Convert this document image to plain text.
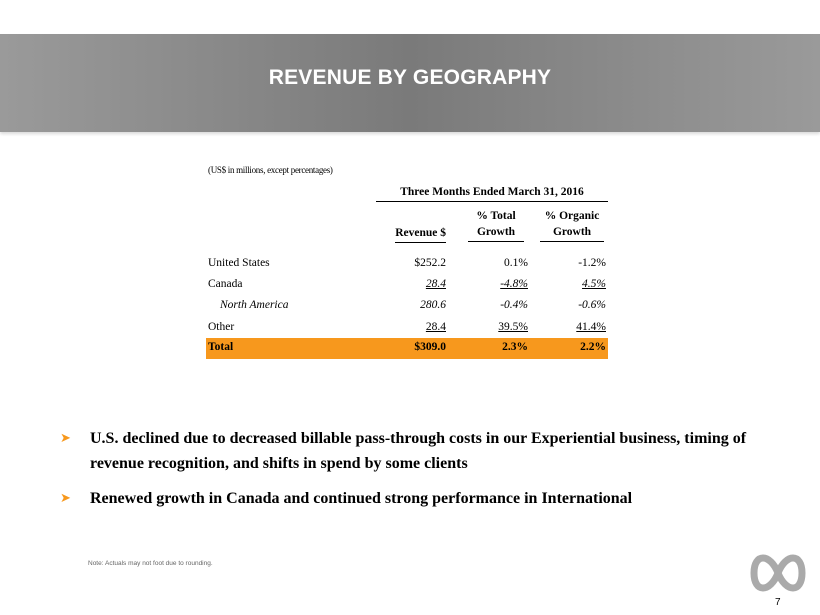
REVENUE BY GEOGRAPHY
(US$ in millions, except percentages)
Three Months Ended March 31, 2016
Revenue $
% Total
Growth
% Organic
Growth
United States	$252.2	0.1%	-1.2%
Canada	28.4	-4.8%	4.5%
North America	280.6	-0.4%	-0.6%
Other	28.4	39.5%	41.4%
Total	$309.0	2.3%	2.2%
➤ U.S. declined due to decreased billable pass-through costs in our Experiential business, timing of revenue recognition, and shifts in spend by some clients
➤ Renewed growth in Canada and continued strong performance in International
Note: Actuals may not foot due to rounding.
7
